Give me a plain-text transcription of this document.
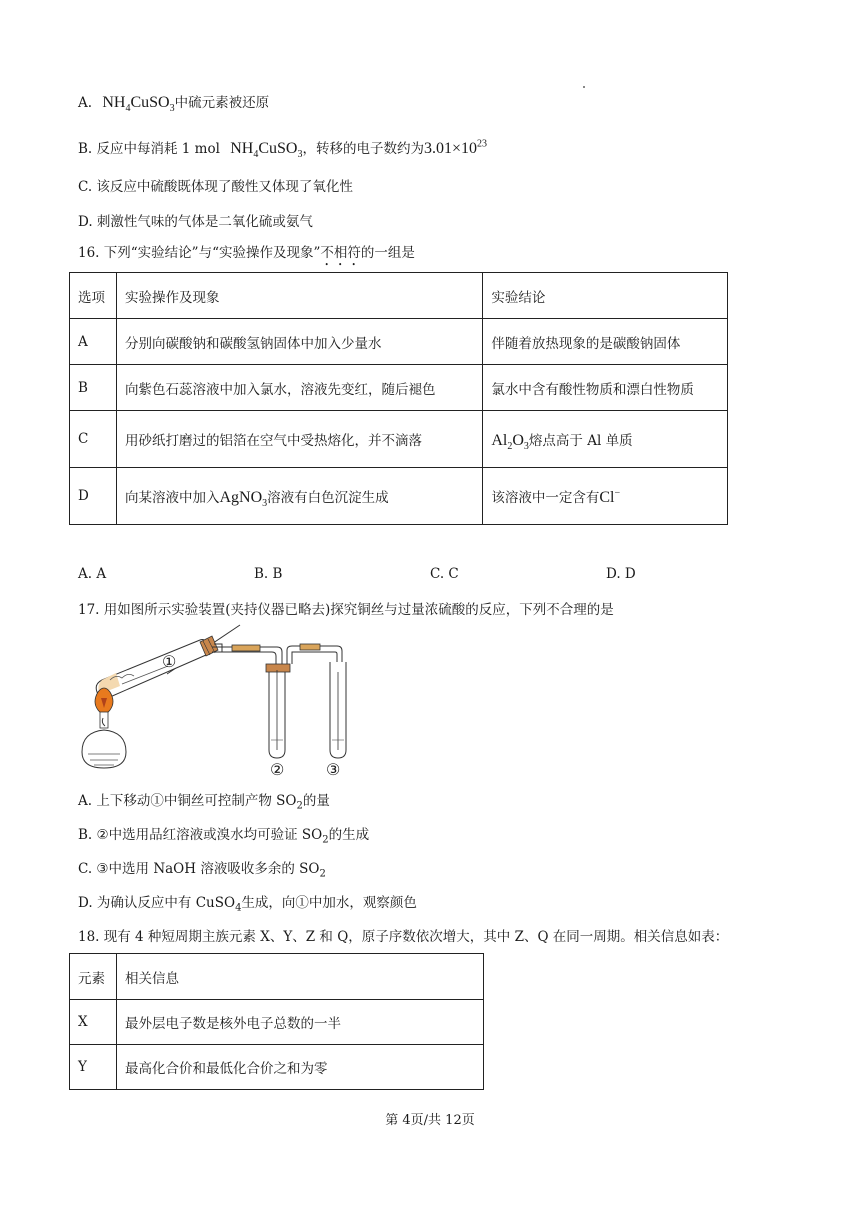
A. $NH_4CuSO_3$中硫元素被还原
B. 反应中每消耗 1 mol $NH_4CuSO_3$，转移的电子数约为$3.01\times 10^{23}$
C. 该反应中硫酸既体现了酸性又体现了氧化性
D. 刺激性气味的气体是二氧化硫或氨气
16. 下列“实验结论”与“实验操作及现象”不相符的一组是
选项	实验操作及现象	实验结论
A	分别向碳酸钠和碳酸氢钠固体中加入少量水	伴随着放热现象的是碳酸钠固体
B	向紫色石蕊溶液中加入氯水，溶液先变红，随后褪色	氯水中含有酸性物质和漂白性物质
C	用砂纸打磨过的铝箔在空气中受热熔化，并不滴落	$Al_2O_3$熔点高于 Al 单质
D	向某溶液中加入AgNO$_3$溶液有白色沉淀生成	该溶液中一定含有Cl−
A. A	B. B	C. C	D. D
17. 用如图所示实验装置(夹持仪器已略去)探究铜丝与过量浓硫酸的反应，下列不合理的是
①
②	③
A. 上下移动①中铜丝可控制产物 $SO_2$的量
B. ②中选用品红溶液或溴水均可验证 $SO_2$的生成
C. ③中选用 NaOH 溶液吸收多余的 $SO_2$
D. 为确认反应中有 CuSO$_4$生成，向①中加水，观察颜色
18. 现有 4 种短周期主族元素 X、Y、Z 和 Q，原子序数依次增大，其中 Z、Q 在同一周期。相关信息如表：
元素	相关信息
X	最外层电子数是核外电子总数的一半
Y	最高化合价和最低化合价之和为零
第 4页/共 12页
